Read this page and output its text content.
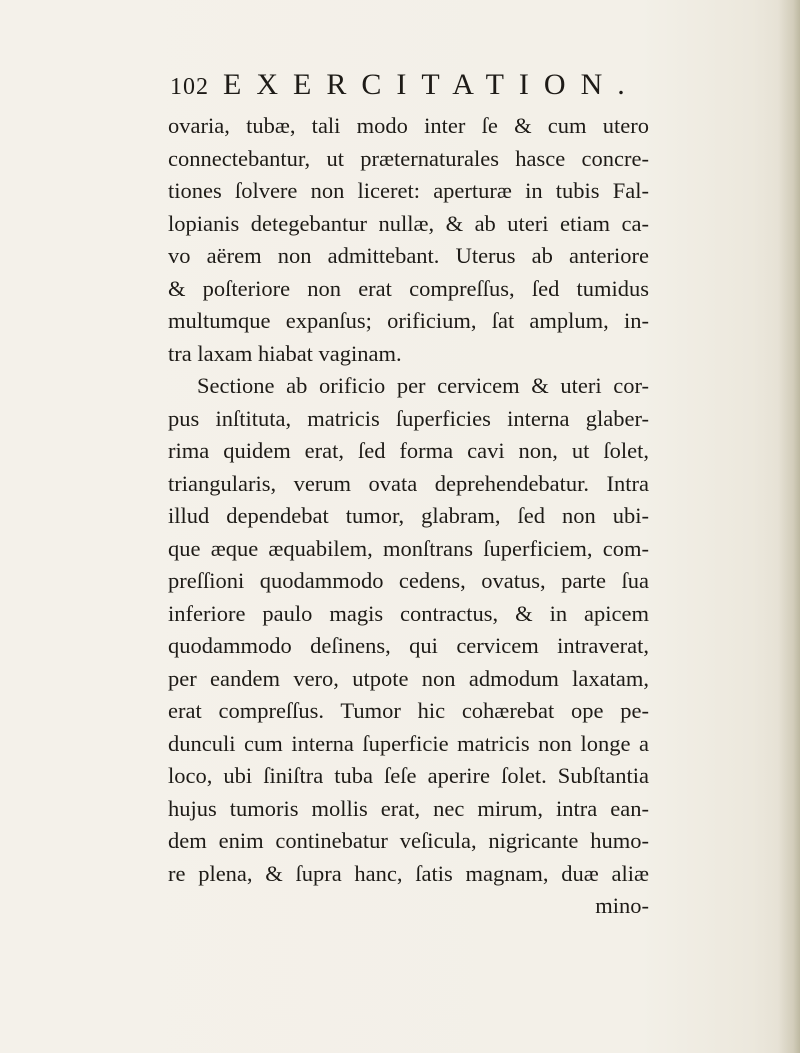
102 EXERCITATION.
ovaria, tubæ, tali modo inter ſe & cum utero
connectebantur, ut præternaturales hasce concre-
tiones ſolvere non liceret: aperturæ in tubis Fal-
lopianis detegebantur nullæ, & ab uteri etiam ca-
vo aërem non admittebant. Uterus ab anteriore
& poſteriore non erat compreſſus, ſed tumidus
multumque expanſus; orificium, ſat amplum, in-
tra laxam hiabat vaginam.
Sectione ab orificio per cervicem & uteri cor-
pus inſtituta, matricis ſuperficies interna glaber-
rima quidem erat, ſed forma cavi non, ut ſolet,
triangularis, verum ovata deprehendebatur. Intra
illud dependebat tumor, glabram, ſed non ubi-
que æque æquabilem, monſtrans ſuperficiem, com-
preſſioni quodammodo cedens, ovatus, parte ſua
inferiore paulo magis contractus, & in apicem
quodammodo deſinens, qui cervicem intraverat,
per eandem vero, utpote non admodum laxatam,
erat compreſſus. Tumor hic cohærebat ope pe-
dunculi cum interna ſuperficie matricis non longe a
loco, ubi ſiniſtra tuba ſeſe aperire ſolet. Subſtantia
hujus tumoris mollis erat, nec mirum, intra ean-
dem enim continebatur veſicula, nigricante humo-
re plena, & ſupra hanc, ſatis magnam, duæ aliæ
mino-
